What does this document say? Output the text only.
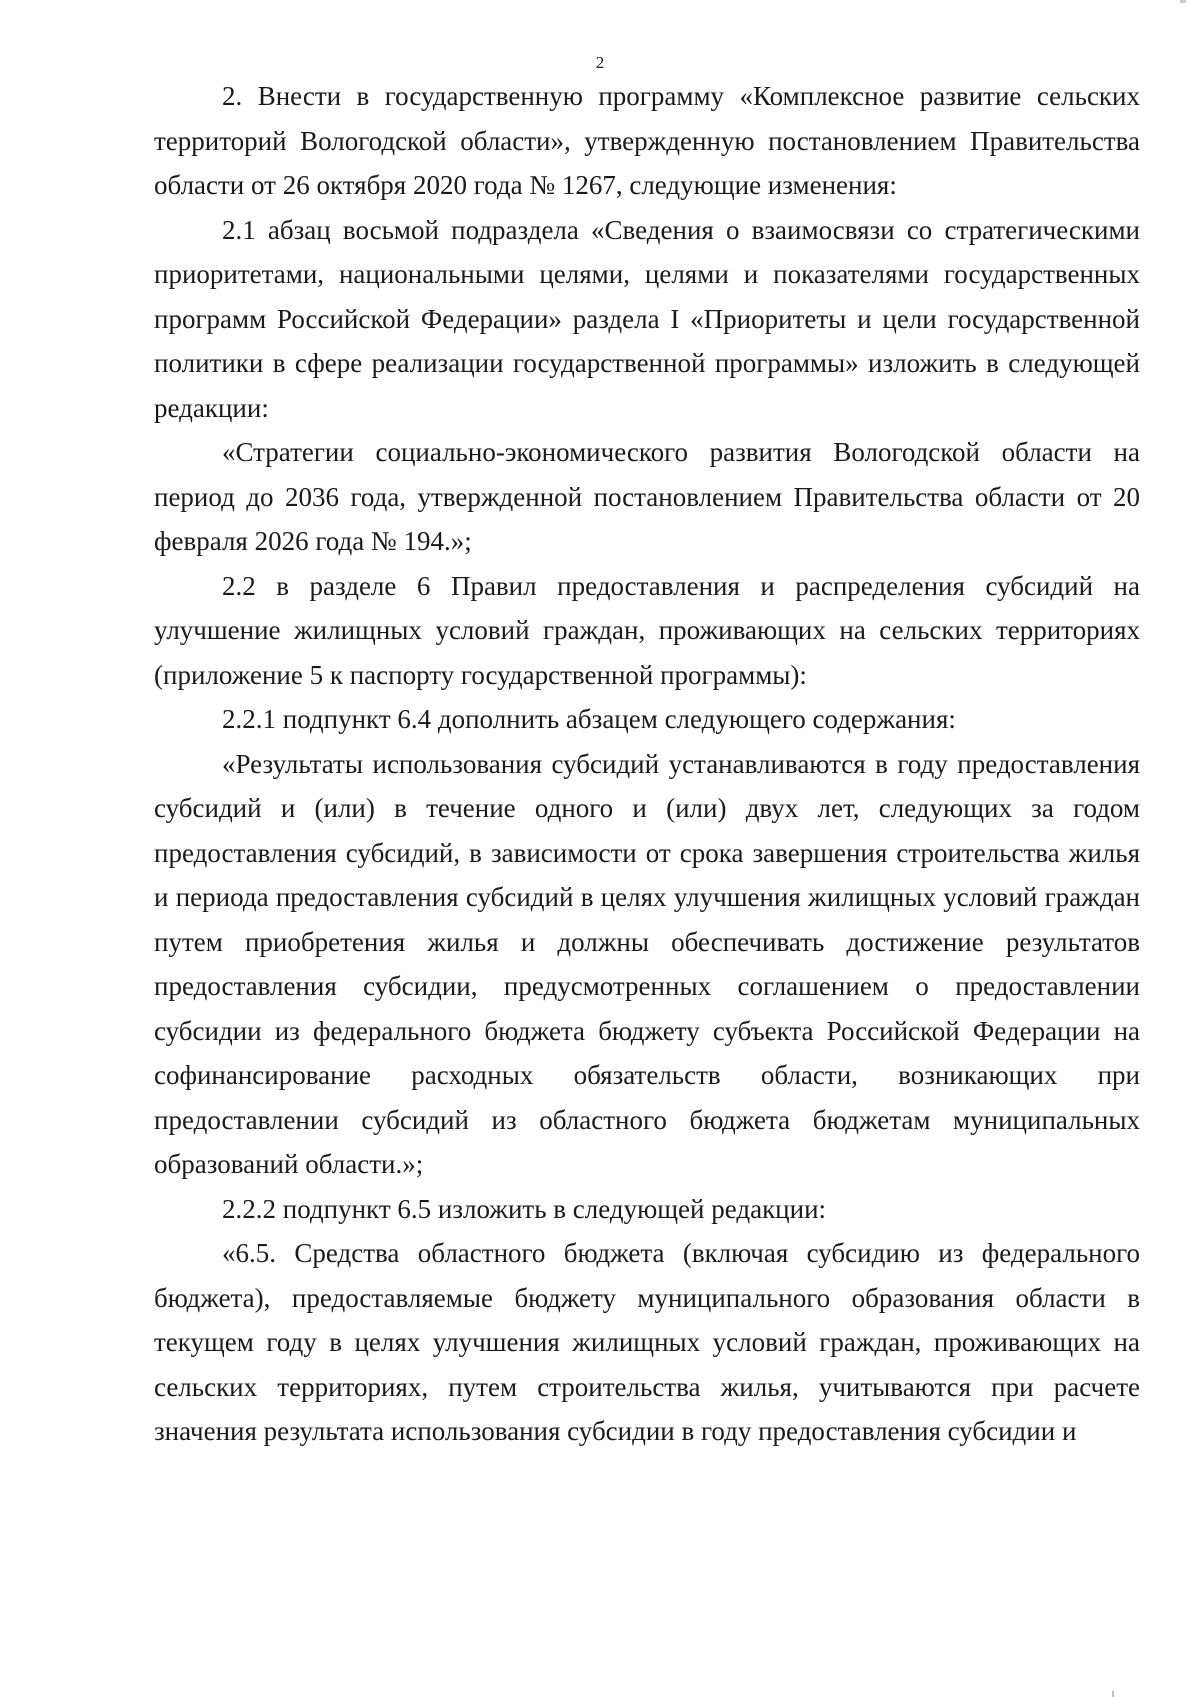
2

2. Внести в государственную программу «Комплексное развитие сельских территорий Вологодской области», утвержденную постановлением Правительства области от 26 октября 2020 года № 1267, следующие изменения:

2.1 абзац восьмой подраздела «Сведения о взаимосвязи со стратегическими приоритетами, национальными целями, целями и показателями государственных программ Российской Федерации» раздела I «Приоритеты и цели государственной политики в сфере реализации государственной программы» изложить в следующей редакции:

«Стратегии социально-экономического развития Вологодской области на период до 2036 года, утвержденной постановлением Правительства области от 20 февраля 2026 года № 194.»;

2.2 в разделе 6 Правил предоставления и распределения субсидий на улучшение жилищных условий граждан, проживающих на сельских территориях (приложение 5 к паспорту государственной программы):

2.2.1 подпункт 6.4 дополнить абзацем следующего содержания:

«Результаты использования субсидий устанавливаются в году предоставления субсидий и (или) в течение одного и (или) двух лет, следующих за годом предоставления субсидий, в зависимости от срока завершения строительства жилья и периода предоставления субсидий в целях улучшения жилищных условий граждан путем приобретения жилья и должны обеспечивать достижение результатов предоставления субсидии, предусмотренных соглашением о предоставлении субсидии из федерального бюджета бюджету субъекта Российской Федерации на софинансирование расходных обязательств области, возникающих при предоставлении субсидий из областного бюджета бюджетам муниципальных образований области.»;

2.2.2 подпункт 6.5 изложить в следующей редакции:

«6.5. Средства областного бюджета (включая субсидию из федерального бюджета), предоставляемые бюджету муниципального образования области в текущем году в целях улучшения жилищных условий граждан, проживающих на сельских территориях, путем строительства жилья, учитываются при расчете значения результата использования субсидии в году предоставления субсидии и
